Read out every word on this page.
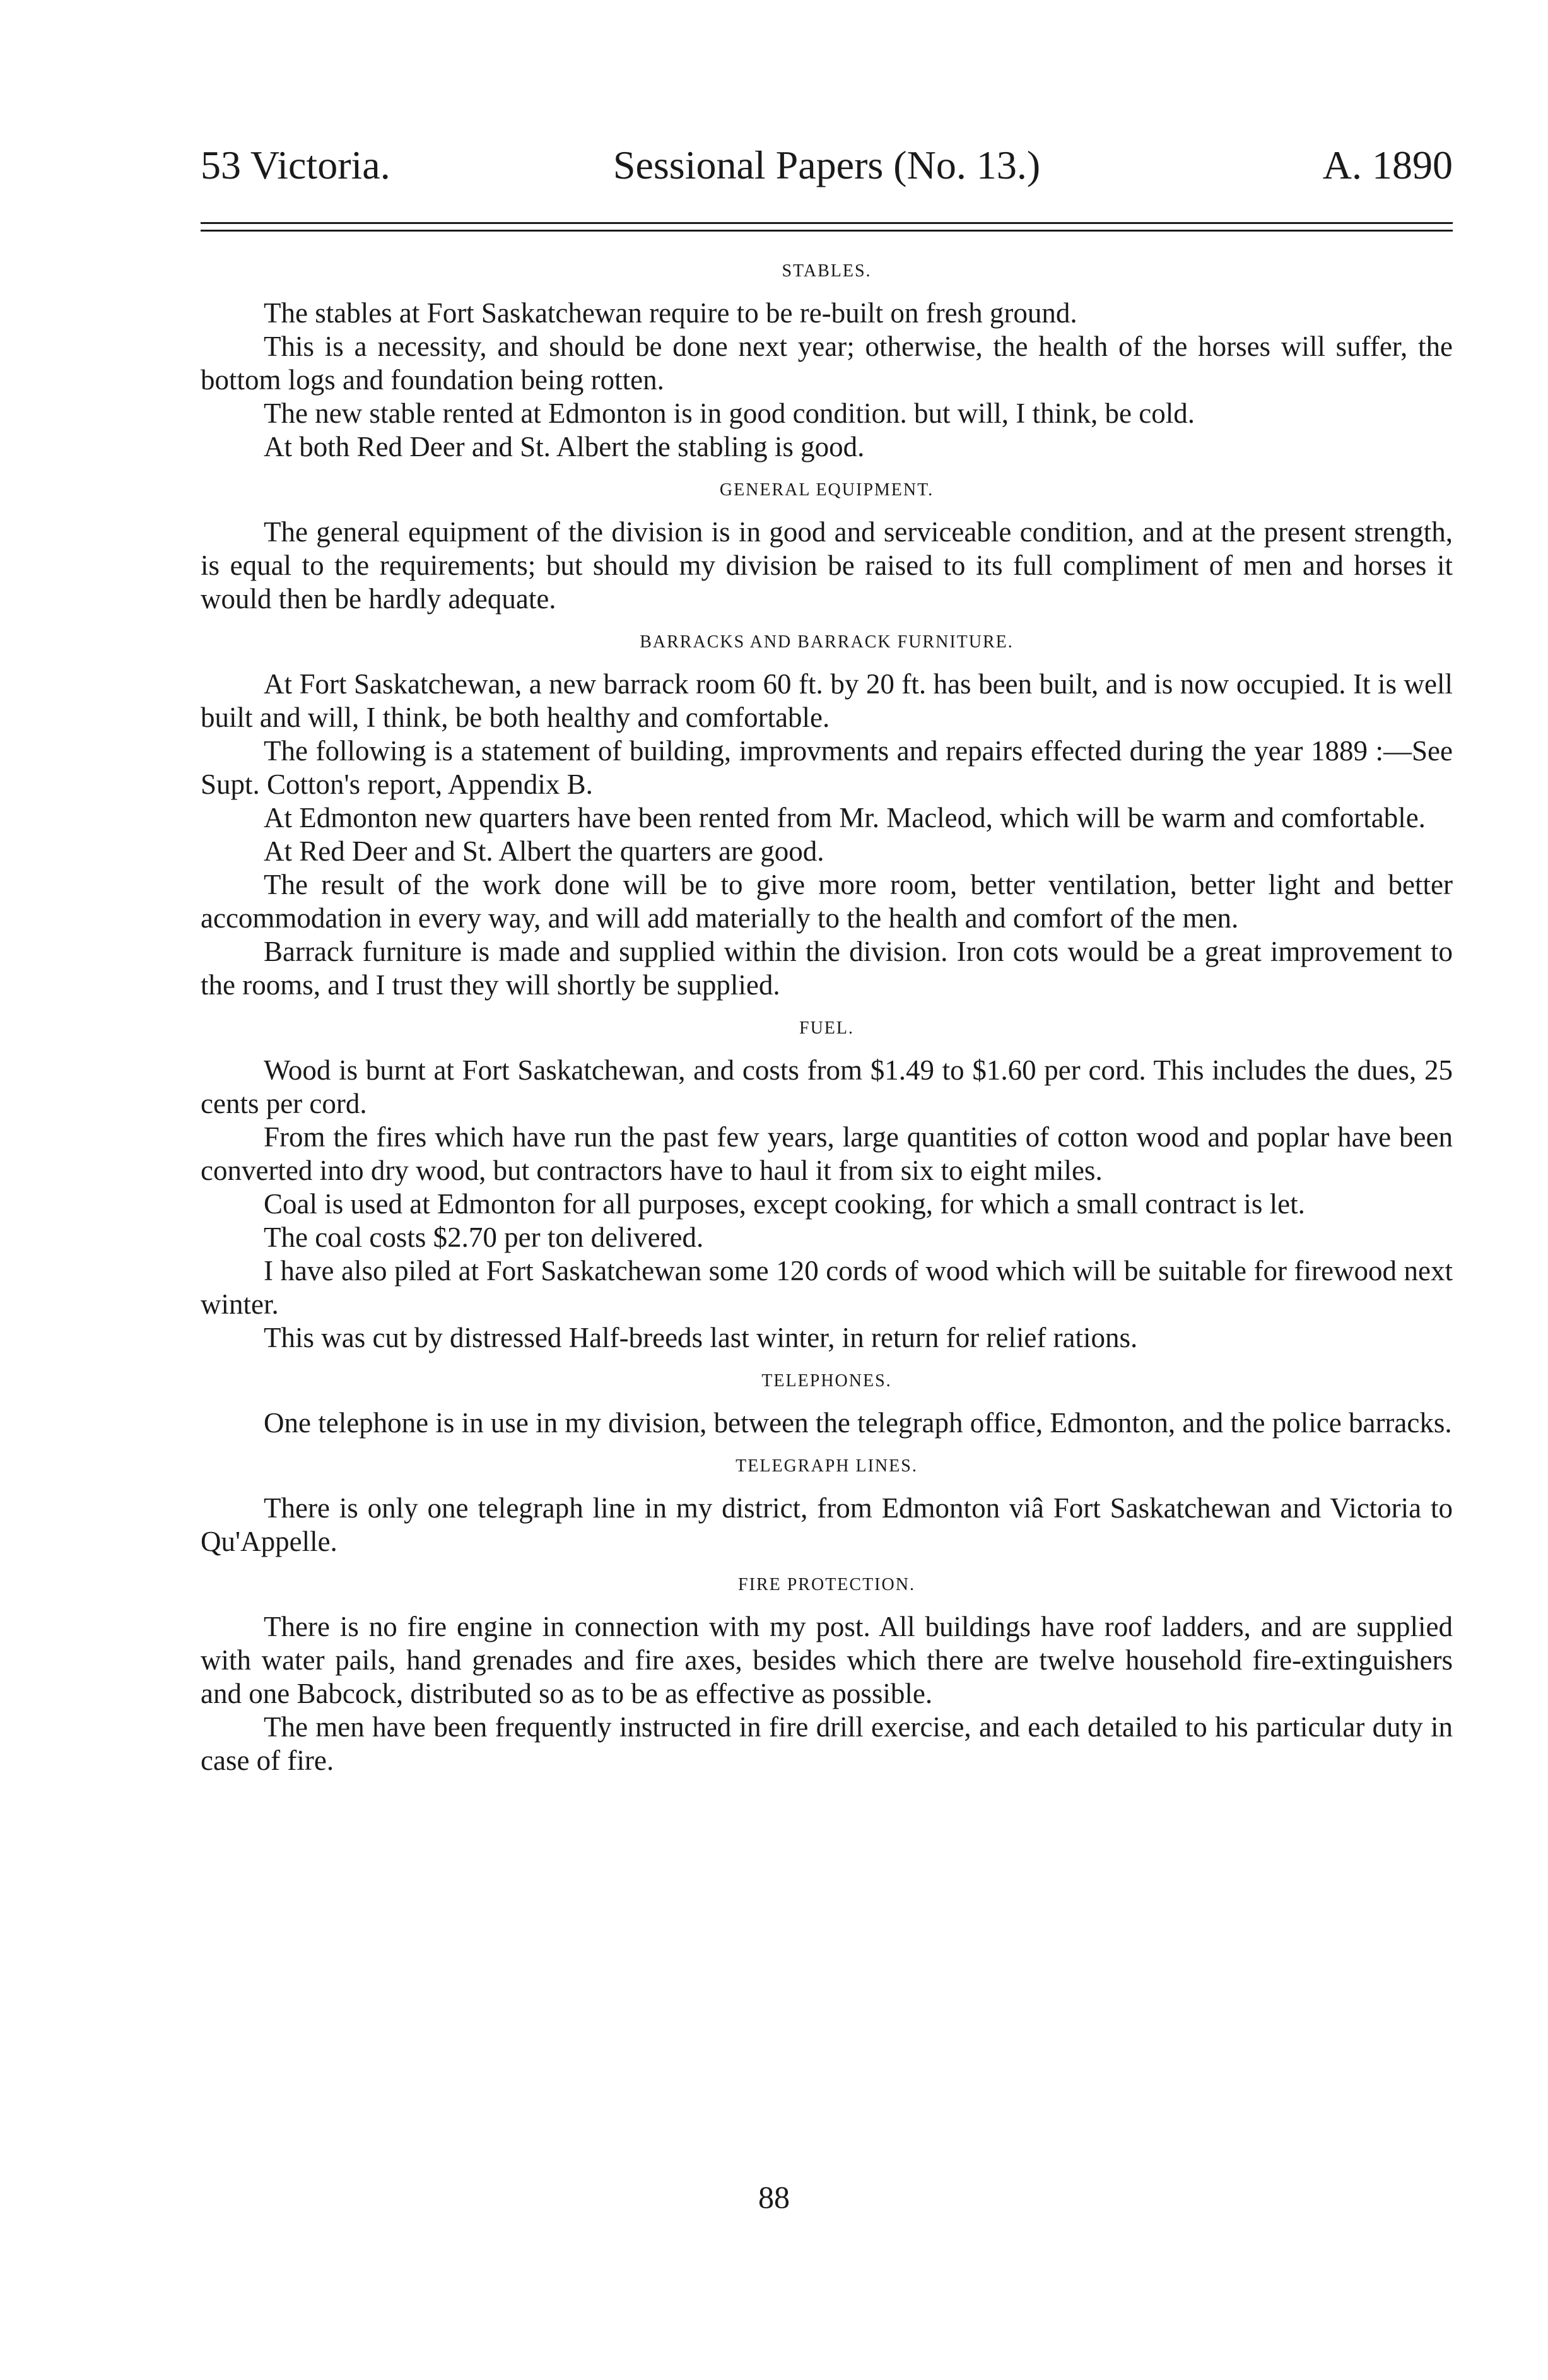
53 Victoria.	Sessional Papers (No. 13.)	A. 1890
STABLES.

The stables at Fort Saskatchewan require to be re-built on fresh ground.

This is a necessity, and should be done next year; otherwise, the health of the horses will suffer, the bottom logs and foundation being rotten.

The new stable rented at Edmonton is in good condition. but will, I think, be cold.

At both Red Deer and St. Albert the stabling is good.

GENERAL EQUIPMENT.

The general equipment of the division is in good and serviceable condition, and at the present strength, is equal to the requirements; but should my division be raised to its full compliment of men and horses it would then be hardly adequate.

BARRACKS AND BARRACK FURNITURE.

At Fort Saskatchewan, a new barrack room 60 ft. by 20 ft. has been built, and is now occupied. It is well built and will, I think, be both healthy and comfortable.

The following is a statement of building, improvments and repairs effected during the year 1889 :—See Supt. Cotton's report, Appendix B.

At Edmonton new quarters have been rented from Mr. Macleod, which will be warm and comfortable.

At Red Deer and St. Albert the quarters are good.

The result of the work done will be to give more room, better ventilation, better light and better accommodation in every way, and will add materially to the health and comfort of the men.

Barrack furniture is made and supplied within the division. Iron cots would be a great improvement to the rooms, and I trust they will shortly be supplied.

FUEL.

Wood is burnt at Fort Saskatchewan, and costs from $1.49 to $1.60 per cord. This includes the dues, 25 cents per cord.

From the fires which have run the past few years, large quantities of cotton wood and poplar have been converted into dry wood, but contractors have to haul it from six to eight miles.

Coal is used at Edmonton for all purposes, except cooking, for which a small contract is let.

The coal costs $2.70 per ton delivered.

I have also piled at Fort Saskatchewan some 120 cords of wood which will be suitable for firewood next winter.

This was cut by distressed Half-breeds last winter, in return for relief rations.

TELEPHONES.

One telephone is in use in my division, between the telegraph office, Edmonton, and the police barracks.

TELEGRAPH LINES.

There is only one telegraph line in my district, from Edmonton viâ Fort Saskatchewan and Victoria to Qu'Appelle.

FIRE PROTECTION.

There is no fire engine in connection with my post. All buildings have roof ladders, and are supplied with water pails, hand grenades and fire axes, besides which there are twelve household fire-extinguishers and one Babcock, distributed so as to be as effective as possible.

The men have been frequently instructed in fire drill exercise, and each detailed to his particular duty in case of fire.

88
